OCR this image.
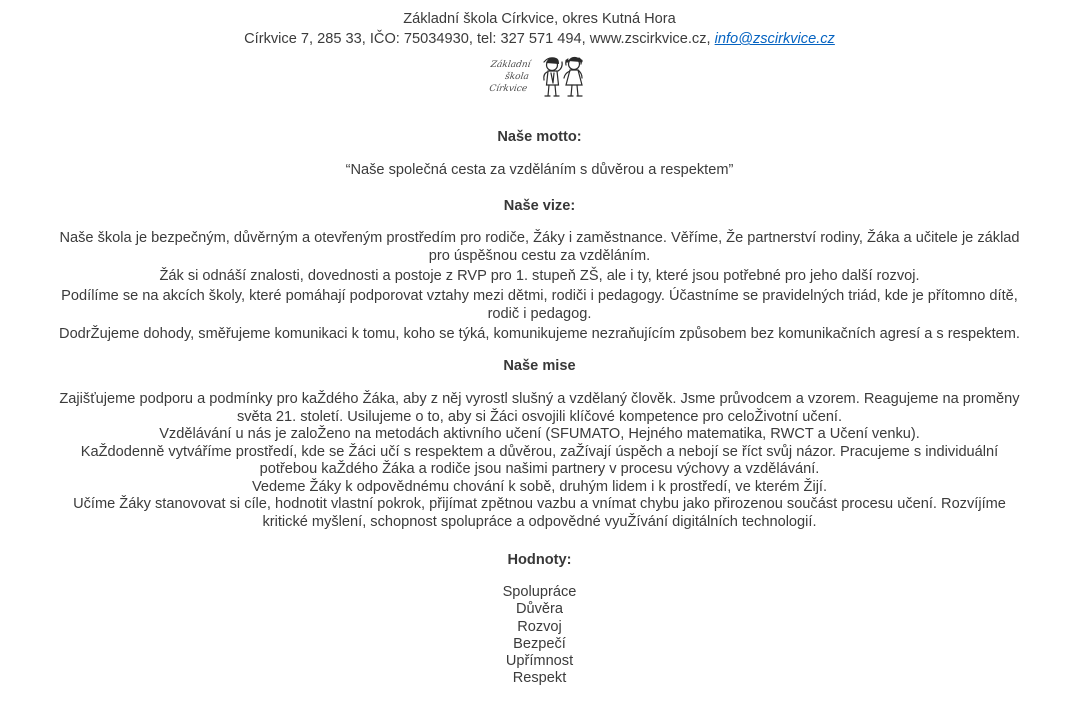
Základní škola Církvice, okres Kutná Hora
Církvice 7, 285 33, IČO: 75034930, tel: 327 571 494, www.zscirkvice.cz, info@zscirkvice.cz
Základní
škola
Církvice
Naše motto:
“Naše společná cesta za vzděláním s důvěrou a respektem”
Naše vize:

Naše škola je bezpečným, důvěrným a otevřeným prostředím pro rodiče, Žáky i zaměstnance. Věříme, Že partnerství rodiny, Žáka a učitele je základ pro úspěšnou cestu za vzděláním.

Žák si odnáší znalosti, dovednosti a postoje z RVP pro 1. stupeň ZŠ, ale i ty, které jsou potřebné pro jeho další rozvoj.

Podílíme se na akcích školy, které pomáhají podporovat vztahy mezi dětmi, rodiči i pedagogy. Účastníme se pravidelných triád, kde je přítomno dítě, rodič i pedagog.

DodrŽujeme dohody, směřujeme komunikaci k tomu, koho se týká, komunikujeme nezraňujícím způsobem bez komunikačních agresí a s respektem.

Naše mise

Zajišťujeme podporu a podmínky pro kaŽdého Žáka, aby z něj vyrostl slušný a vzdělaný člověk. Jsme průvodcem a vzorem. Reagujeme na proměny světa 21. století. Usilujeme o to, aby si Žáci osvojili klíčové kompetence pro celoŽivotní učení.

Vzdělávání u nás je zaloŽeno na metodách aktivního učení (SFUMATO, Hejného matematika, RWCT a Učení venku).

KaŽdodenně vytváříme prostředí, kde se Žáci učí s respektem a důvěrou, zaŽívají úspěch a nebojí se říct svůj názor. Pracujeme s individuální potřebou kaŽdého Žáka a rodiče jsou našimi partnery v procesu výchovy a vzdělávání.

Vedeme Žáky k odpovědnému chování k sobě, druhým lidem i k prostředí, ve kterém Žijí.

Učíme Žáky stanovovat si cíle, hodnotit vlastní pokrok, přijímat zpětnou vazbu a vnímat chybu jako přirozenou součást procesu učení. Rozvíjíme kritické myšlení, schopnost spolupráce a odpovědné vyuŽívání digitálních technologií.

Hodnoty:
Spolupráce
Důvěra
Rozvoj
Bezpečí
Upřímnost
Respekt
